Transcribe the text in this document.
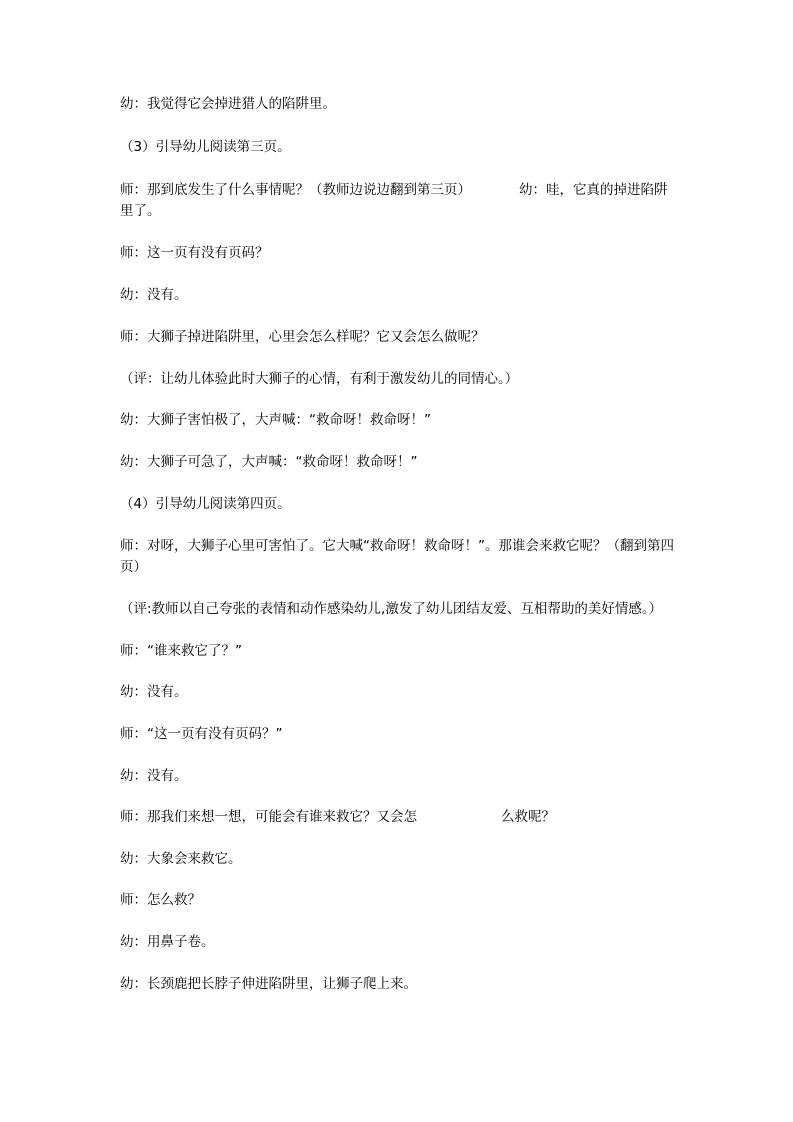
幼：我觉得它会掉进猎人的陷阱里。
（3）引导幼儿阅读第三页。
师：那到底发生了什么事情呢？（教师边说边翻到第三页）	幼：哇，它真的掉进陷阱里了。
师：这一页有没有页码？
幼：没有。
师：大狮子掉进陷阱里，心里会怎么样呢？它又会怎么做呢？
（评：让幼儿体验此时大狮子的心情，有利于激发幼儿的同情心。）
幼：大狮子害怕极了，大声喊：“救命呀！救命呀！”
幼：大狮子可急了，大声喊：“救命呀！救命呀！”
（4）引导幼儿阅读第四页。
师：对呀，大狮子心里可害怕了。它大喊“救命呀！救命呀！”。那谁会来救它呢？（翻到第四页）
（评:教师以自己夸张的表情和动作感染幼儿,激发了幼儿团结友爱、互相帮助的美好情感。）
师：“谁来救它了？”
幼：没有。
师：“这一页有没有页码？”
幼：没有。
师：那我们来想一想，可能会有谁来救它？又会怎	么救呢？
幼：大象会来救它。
师：怎么救？
幼：用鼻子卷。
幼：长颈鹿把长脖子伸进陷阱里，让狮子爬上来。
